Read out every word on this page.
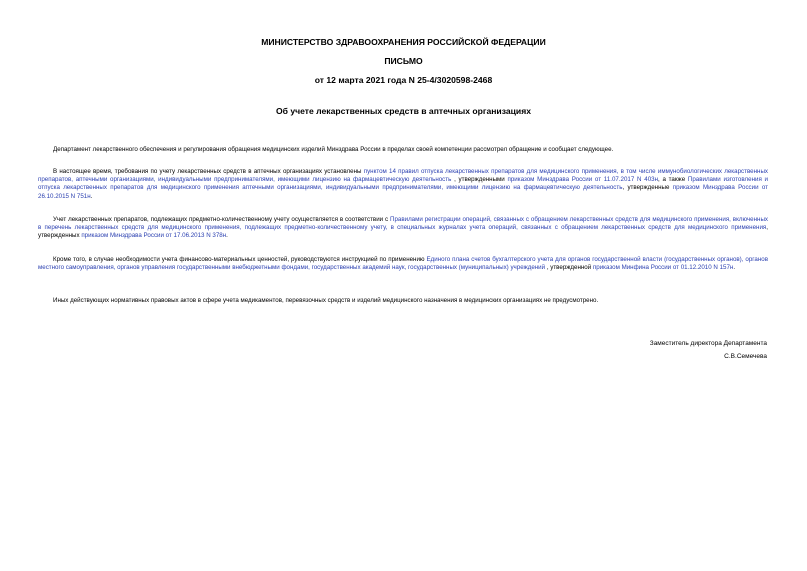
МИНИСТЕРСТВО ЗДРАВООХРАНЕНИЯ РОССИЙСКОЙ ФЕДЕРАЦИИ
ПИСЬМО
от 12 марта 2021 года N 25-4/3020598-2468
Об учете лекарственных средств в аптечных организациях
Департамент лекарственного обеспечения и регулирования обращения медицинских изделий Минздрава России в пределах своей компетенции рассмотрел обращение и сообщает следующее.
В настоящее время, требования по учету лекарственных средств в аптечных организациях установлены пунктом 14 правил отпуска лекарственных препаратов для медицинского применения, в том числе иммунобиологических лекарственных препаратов, аптечными организациями, индивидуальными предпринимателями, имеющими лицензию на фармацевтическую деятельность , утвержденными приказом Минздрава России от 11.07.2017 N 403н, а также Правилами изготовления и отпуска лекарственных препаратов для медицинского применения аптечными организациями, индивидуальными предпринимателями, имеющими лицензию на фармацевтическую деятельность, утвержденные приказом Минздрава России от 26.10.2015 N 751н.
Учет лекарственных препаратов, подлежащих предметно-количественному учету осуществляется в соответствии с Правилами регистрации операций, связанных с обращением лекарственных средств для медицинского применения, включенных в перечень лекарственных средств для медицинского применения, подлежащих предметно-количественному учету, в специальных журналах учета операций, связанных с обращением лекарственных средств для медицинского применения, утвержденных приказом Минздрава России от 17.06.2013 N 378н.
Кроме того, в случае необходимости учета финансово-материальных ценностей, руководствуются инструкцией по применению Единого плана счетов бухгалтерского учета для органов государственной власти (государственных органов), органов местного самоуправления, органов управления государственными внебюджетными фондами, государственных академий наук, государственных (муниципальных) учреждений , утвержденной приказом Минфина России от 01.12.2010 N 157н.
Иных действующих нормативных правовых актов в сфере учета медикаментов, перевязочных средств и изделий медицинского назначения в медицинских организациях не предусмотрено.
Заместитель директора Департамента
С.В.Семечева
